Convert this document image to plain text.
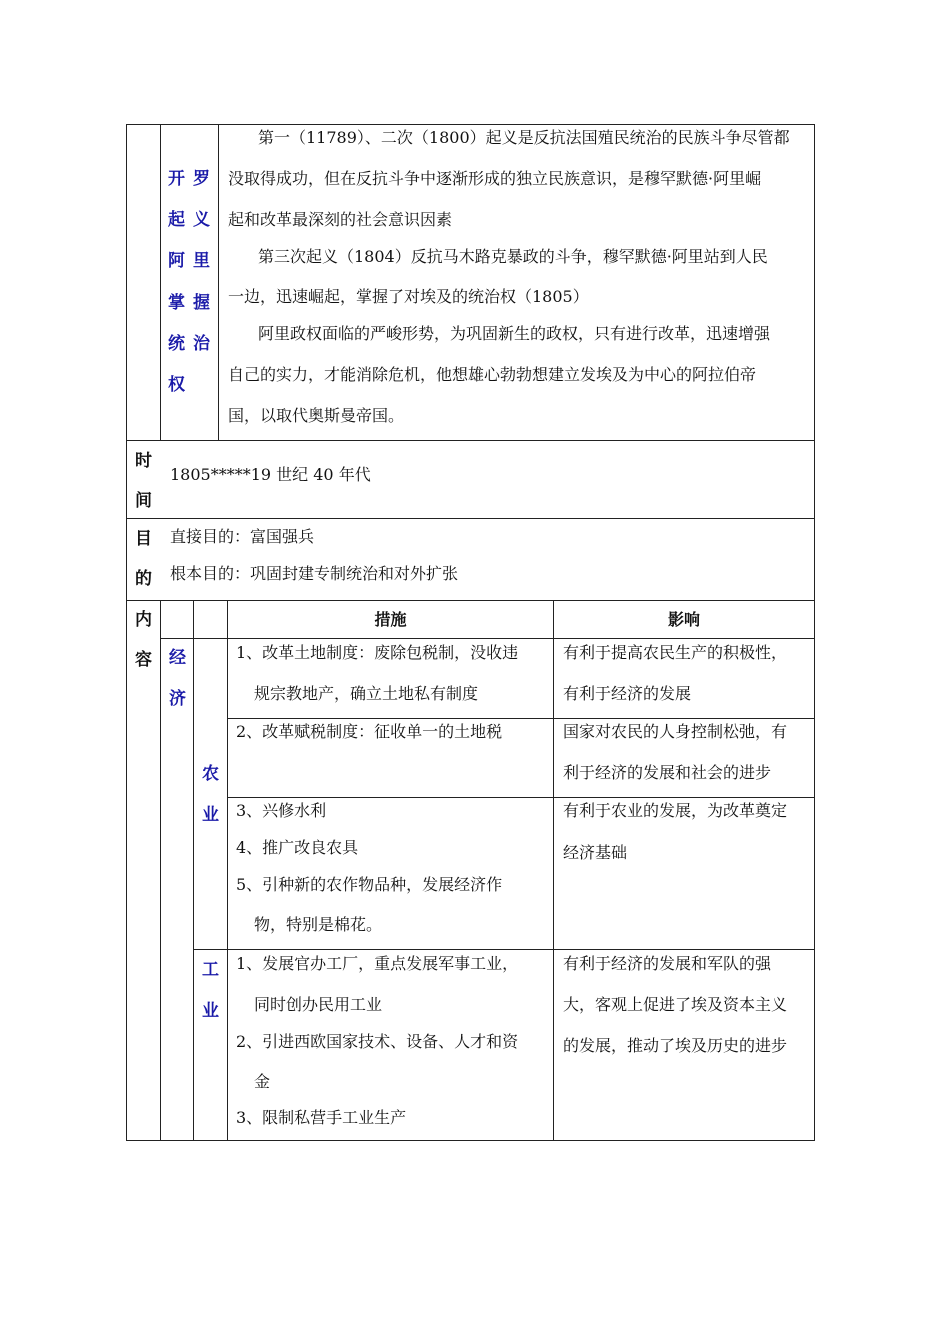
开 罗
起 义
阿 里
掌 握
统 治
权
第一（11789）、二次（1800）起义是反抗法国殖民统治的民族斗争尽管都
没取得成功，但在反抗斗争中逐渐形成的独立民族意识，是穆罕默德·阿里崛
起和改革最深刻的社会意识因素
第三次起义（1804）反抗马木路克暴政的斗争，穆罕默德·阿里站到人民
一边，迅速崛起，掌握了对埃及的统治权（1805）
阿里政权面临的严峻形势，为巩固新生的政权，只有进行改革，迅速增强
自己的实力，才能消除危机，他想雄心勃勃想建立发埃及为中心的阿拉伯帝
国，以取代奥斯曼帝国。
时
间
1805*****19 世纪 40 年代
目
的
直接目的：富国强兵
根本目的：巩固封建专制统治和对外扩张
内
容
措施	影响
经
济
农
业
工
业
1、改革土地制度：废除包税制，没收违
规宗教地产，确立土地私有制度
有利于提高农民生产的积极性，
有利于经济的发展
2、改革赋税制度：征收单一的土地税	国家对农民的人身控制松弛，有
利于经济的发展和社会的进步
3、兴修水利
4、推广改良农具
5、引种新的农作物品种，发展经济作
物，特别是棉花。
有利于农业的发展，为改革奠定
经济基础
1、发展官办工厂，重点发展军事工业，
同时创办民用工业
2、引进西欧国家技术、设备、人才和资
金
3、限制私营手工业生产
有利于经济的发展和军队的强
大，客观上促进了埃及资本主义
的发展，推动了埃及历史的进步
